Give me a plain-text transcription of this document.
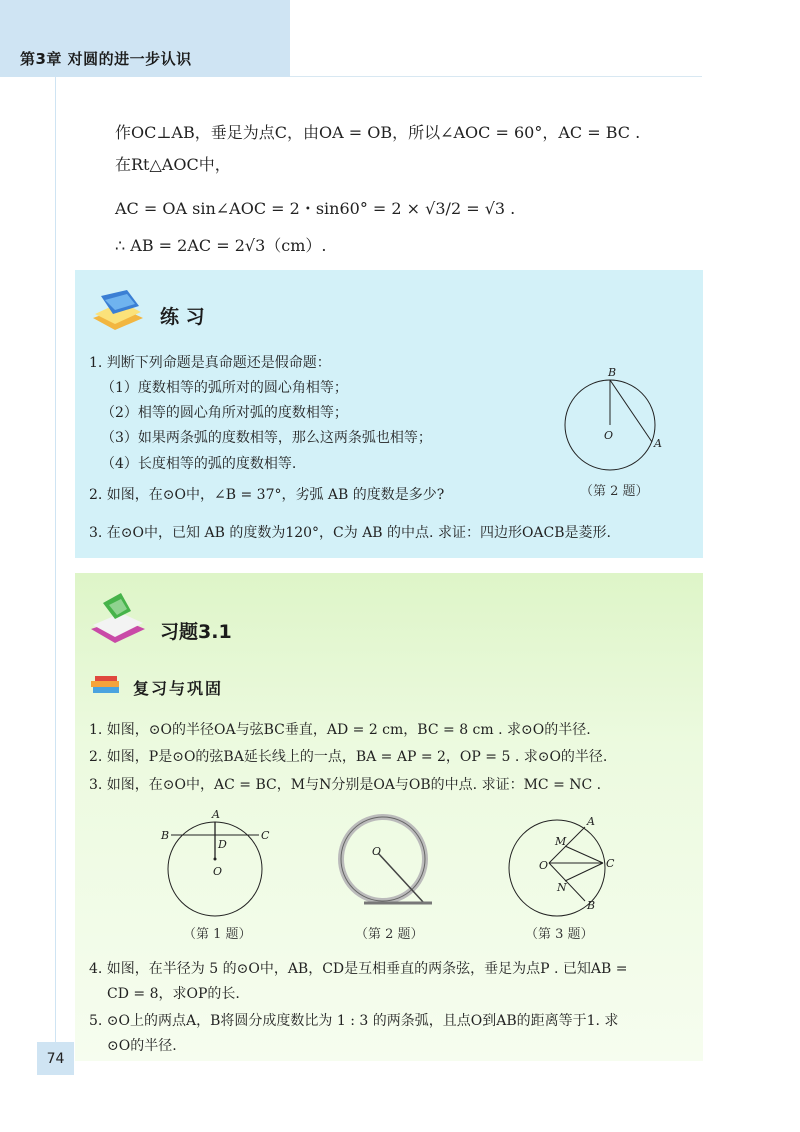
第3章 对圆的进一步认识
作OC⊥AB，垂足为点C，由OA = OB，所以∠AOC = 60°，AC = BC .
在Rt△AOC中，
AC = OA sin∠AOC = 2・sin60° = 2 × √3/2 = √3 .
∴ AB = 2AC = 2√3（cm）.
练 习
1. 判断下列命题是真命题还是假命题：
（1）度数相等的弧所对的圆心角相等；
（2）相等的圆心角所对弧的度数相等；
（3）如果两条弧的度数相等，那么这两条弧也相等；
（4）长度相等的弧的度数相等.
2. 如图，在⊙O中，∠B = 37°，劣弧 AB 的度数是多少?
3. 在⊙O中，已知 AB 的度数为120°，C为 AB 的中点. 求证：四边形OACB是菱形.
B
O
A
（第 2 题）
习题3.1
复习与巩固
1. 如图，⊙O的半径OA与弦BC垂直，AD = 2 cm，BC = 8 cm . 求⊙O的半径.
2. 如图，P是⊙O的弦BA延长线上的一点，BA = AP = 2，OP = 5 . 求⊙O的半径.
3. 如图，在⊙O中，AC = BC，M与N分别是OA与OB的中点. 求证：MC = NC .
A
B	C
D
O
（第 1 题）
O
（第 2 题）
A
B
C
M
N
O
（第 3 题）
4. 如图，在半径为 5 的⊙O中，AB，CD是互相垂直的两条弦，垂足为点P . 已知AB =
CD = 8，求OP的长.
5. ⊙O上的两点A，B将圆分成度数比为 1 : 3 的两条弧，且点O到AB的距离等于1. 求
⊙O的半径.
74
